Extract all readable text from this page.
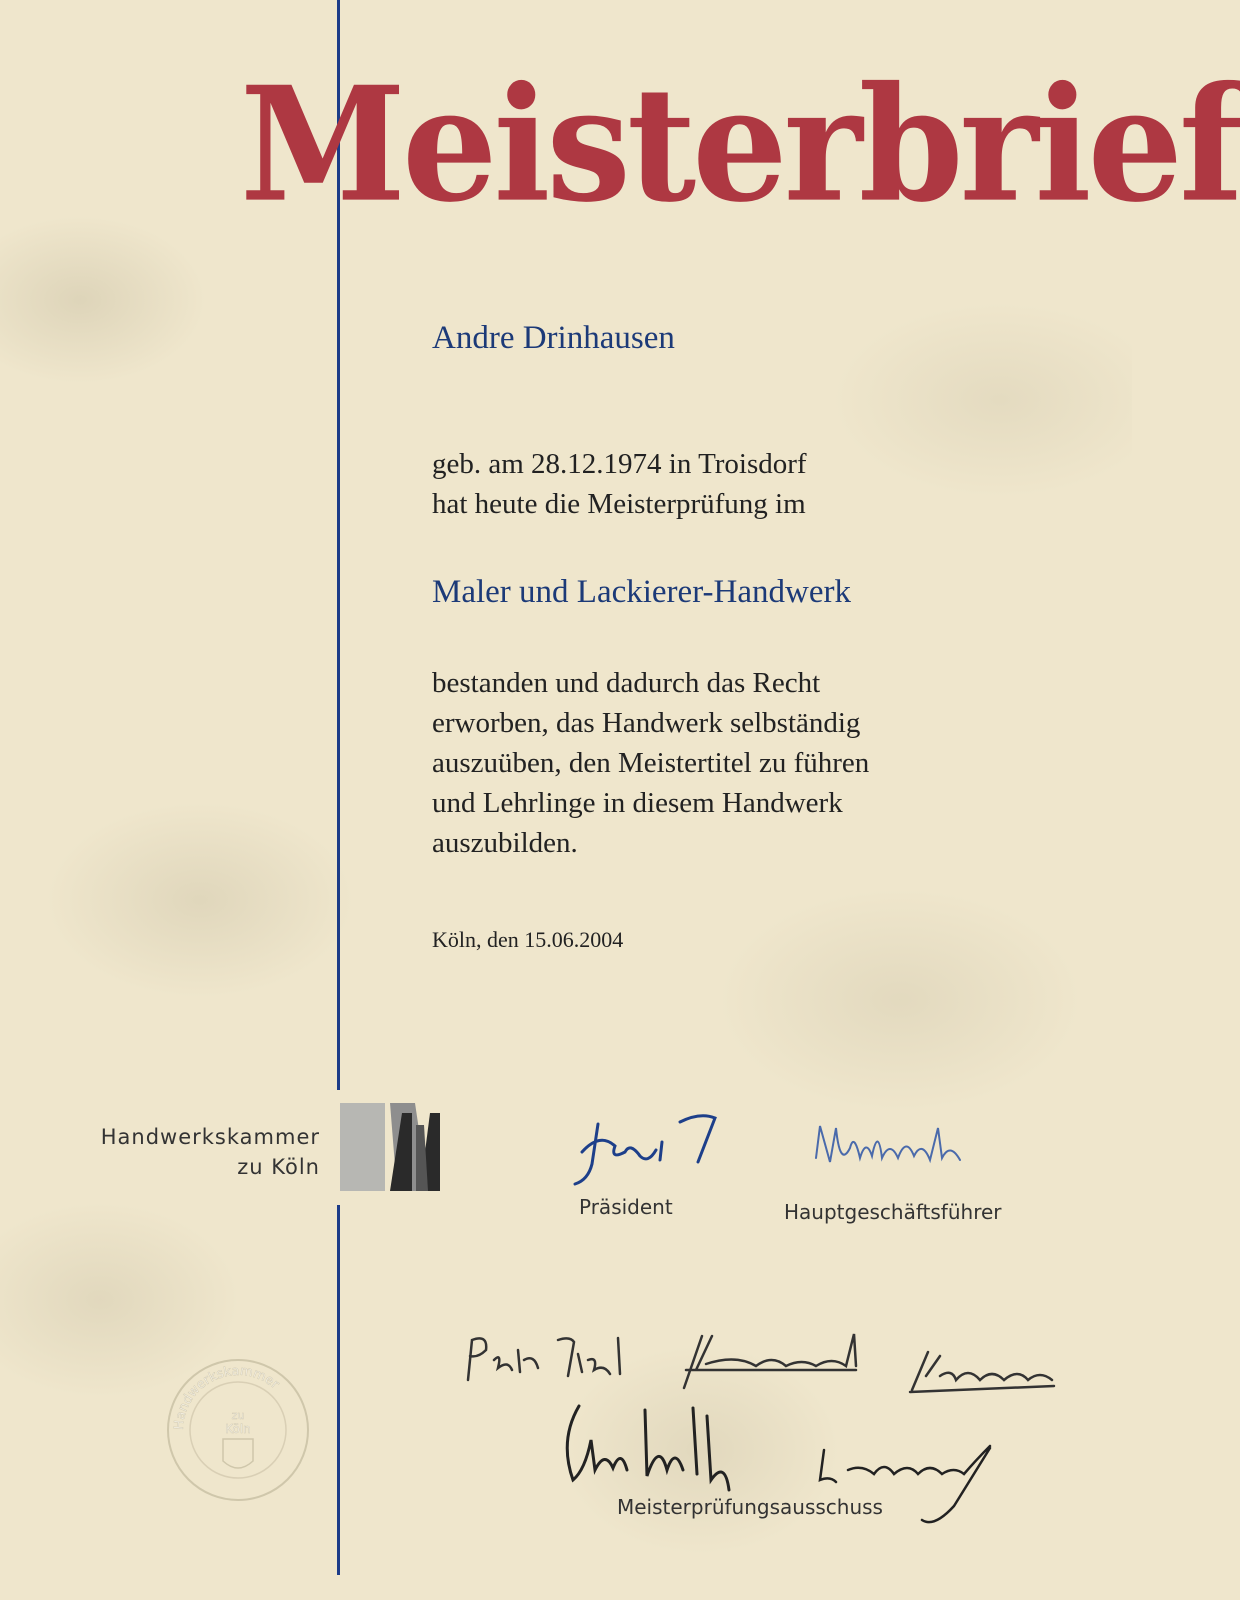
Meisterbrief
Andre Drinhausen
geb. am 28.12.1974 in Troisdorf
hat heute die Meisterprüfung im
Maler und Lackierer-Handwerk
bestanden und dadurch das Recht
erworben, das Handwerk selbständig
auszuüben, den Meistertitel zu führen
und Lehrlinge in diesem Handwerk
auszubilden.
Köln, den 15.06.2004
Handwerkskammer
zu Köln
Präsident	Hauptgeschäftsführer
Meisterprüfungsausschuss
Handwerkskammer
zu
Köln
